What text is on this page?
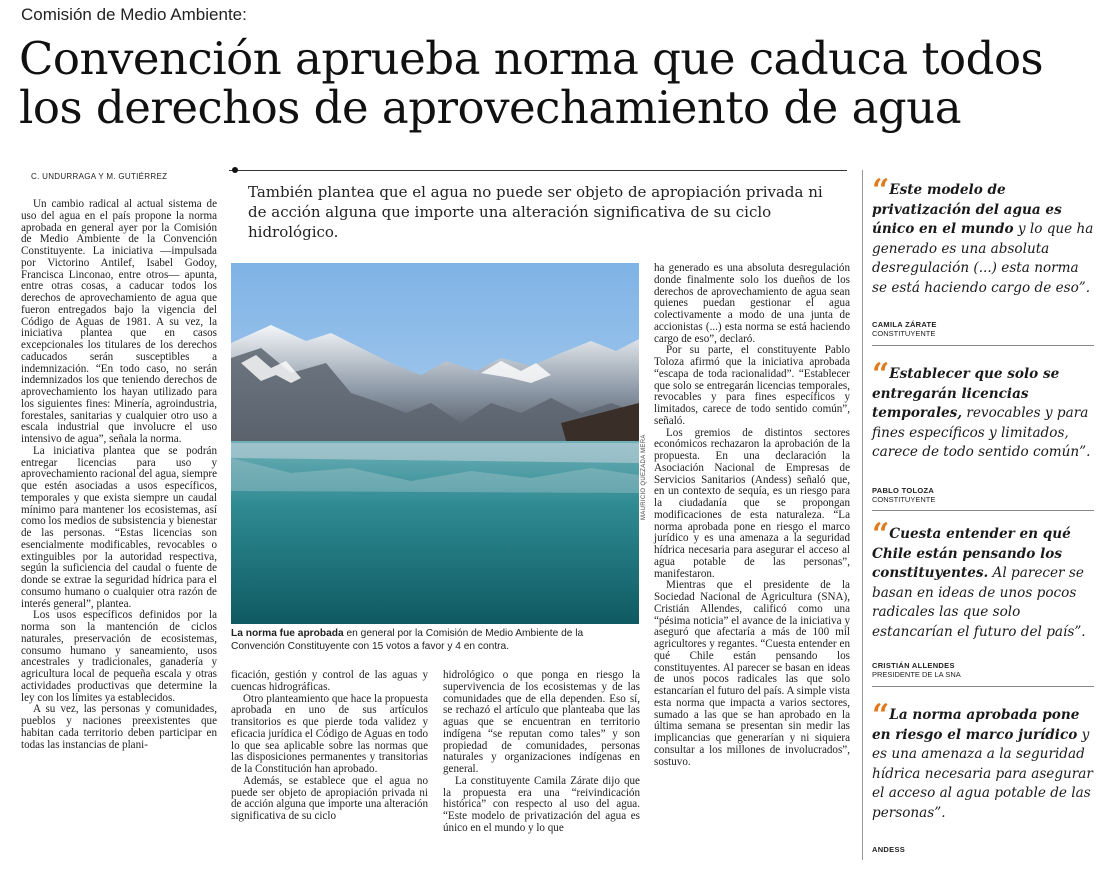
Comisión de Medio Ambiente:
Convención aprueba norma que caduca todos
los derechos de aprovechamiento de agua
C. UNDURRAGA Y M. GUTIÉRREZ
También plantea que el agua no puede ser objeto de apropiación privada ni de acción alguna que importe una alteración significativa de su ciclo hidrológico.

Un cambio radical al actual sistema de uso del agua en el país propone la norma aprobada en general ayer por la Comisión de Medio Ambiente de la Convención Constituyente. La iniciativa —impulsada por Victorino Antilef, Isabel Godoy, Francisca Linconao, entre otros— apunta, entre otras cosas, a caducar todos los derechos de aprovechamiento de agua que fueron entregados bajo la vigencia del Código de Aguas de 1981. A su vez, la iniciativa plantea que en casos excepcionales los titulares de los derechos caducados serán susceptibles a indemnización. “En todo caso, no serán indemnizados los que teniendo derechos de aprovechamiento los hayan utilizado para los siguientes fines: Minería, agroindustria, forestales, sanitarias y cualquier otro uso a escala industrial que involucre el uso intensivo de agua”, señala la norma.

La iniciativa plantea que se podrán entregar licencias para uso y aprovechamiento racional del agua, siempre que estén asociadas a usos específicos, temporales y que exista siempre un caudal mínimo para mantener los ecosistemas, así como los medios de subsistencia y bienestar de las personas. “Estas licencias son esencialmente modificables, revocables o extinguibles por la autoridad respectiva, según la suficiencia del caudal o fuente de donde se extrae la seguridad hídrica para el consumo humano o cualquier otra razón de interés general”, plantea.

Los usos específicos definidos por la norma son la mantención de ciclos naturales, preservación de ecosistemas, consumo humano y saneamiento, usos ancestrales y tradicionales, ganadería y agricultura local de pequeña escala y otras actividades productivas que determine la ley con los límites ya establecidos.

A su vez, las personas y comunidades, pueblos y naciones preexistentes que habitan cada territorio deben participar en todas las instancias de plani-

MAURICIO QUEZADA MERA
La norma fue aprobada en general por la Comisión de Medio Ambiente de la Convención Constituyente con 15 votos a favor y 4 en contra.

ficación, gestión y control de las aguas y cuencas hidrográficas.

Otro planteamiento que hace la propuesta aprobada en uno de sus artículos transitorios es que pierde toda validez y eficacia jurídica el Código de Aguas en todo lo que sea aplicable sobre las normas que las disposiciones permanentes y transitorias de la Constitución han aprobado.

Además, se establece que el agua no puede ser objeto de apropiación privada ni de acción alguna que importe una alteración significativa de su ciclo

hidrológico o que ponga en riesgo la supervivencia de los ecosistemas y de las comunidades que de ella dependen. Eso sí, se rechazó el artículo que planteaba que las aguas que se encuentran en territorio indígena “se reputan como tales” y son propiedad de comunidades, personas naturales y organizaciones indígenas en general.

La constituyente Camila Zárate dijo que la propuesta era una “reivindicación histórica” con respecto al uso del agua. “Este modelo de privatización del agua es único en el mundo y lo que

ha generado es una absoluta desregulación donde finalmente solo los dueños de los derechos de aprovechamiento de agua sean quienes puedan gestionar el agua colectivamente a modo de una junta de accionistas (...) esta norma se está haciendo cargo de eso”, declaró.

Por su parte, el constituyente Pablo Toloza afirmó que la iniciativa aprobada “escapa de toda racionalidad”. “Establecer que solo se entregarán licencias temporales, revocables y para fines específicos y limitados, carece de todo sentido común”, señaló.

Los gremios de distintos sectores económicos rechazaron la aprobación de la propuesta. En una declaración la Asociación Nacional de Empresas de Servicios Sanitarios (Andess) señaló que, en un contexto de sequía, es un riesgo para la ciudadanía que se propongan modificaciones de esta naturaleza. “La norma aprobada pone en riesgo el marco jurídico y es una amenaza a la seguridad hídrica necesaria para asegurar el acceso al agua potable de las personas”, manifestaron.

Mientras que el presidente de la Sociedad Nacional de Agricultura (SNA), Cristián Allendes, calificó como una “pésima noticia” el avance de la iniciativa y aseguró que afectaría a más de 100 mil agricultores y regantes. “Cuesta entender en qué Chile están pensando los constituyentes. Al parecer se basan en ideas de unos pocos radicales las que solo estancarían el futuro del país. A simple vista esta norma que impacta a varios sectores, sumado a las que se han aprobado en la última semana se presentan sin medir las implicancias que generarían y ni siquiera consultar a los millones de involucrados”, sostuvo.

“ Este modelo de privatización del agua es único en el mundo y lo que ha generado es una absoluta desregulación (...) esta norma se está haciendo cargo de eso”.
CAMILA ZÁRATE
CONSTITUYENTE
“ Establecer que solo se entregarán licencias temporales, revocables y para fines específicos y limitados, carece de todo sentido común”.
PABLO TOLOZA
CONSTITUYENTE
“ Cuesta entender en qué Chile están pensando los constituyentes. Al parecer se basan en ideas de unos pocos radicales las que solo estancarían el futuro del país”.
CRISTIÁN ALLENDES
PRESIDENTE DE LA SNA
“ La norma aprobada pone en riesgo el marco jurídico y es una amenaza a la seguridad hídrica necesaria para asegurar el acceso al agua potable de las personas”.
ANDESS
